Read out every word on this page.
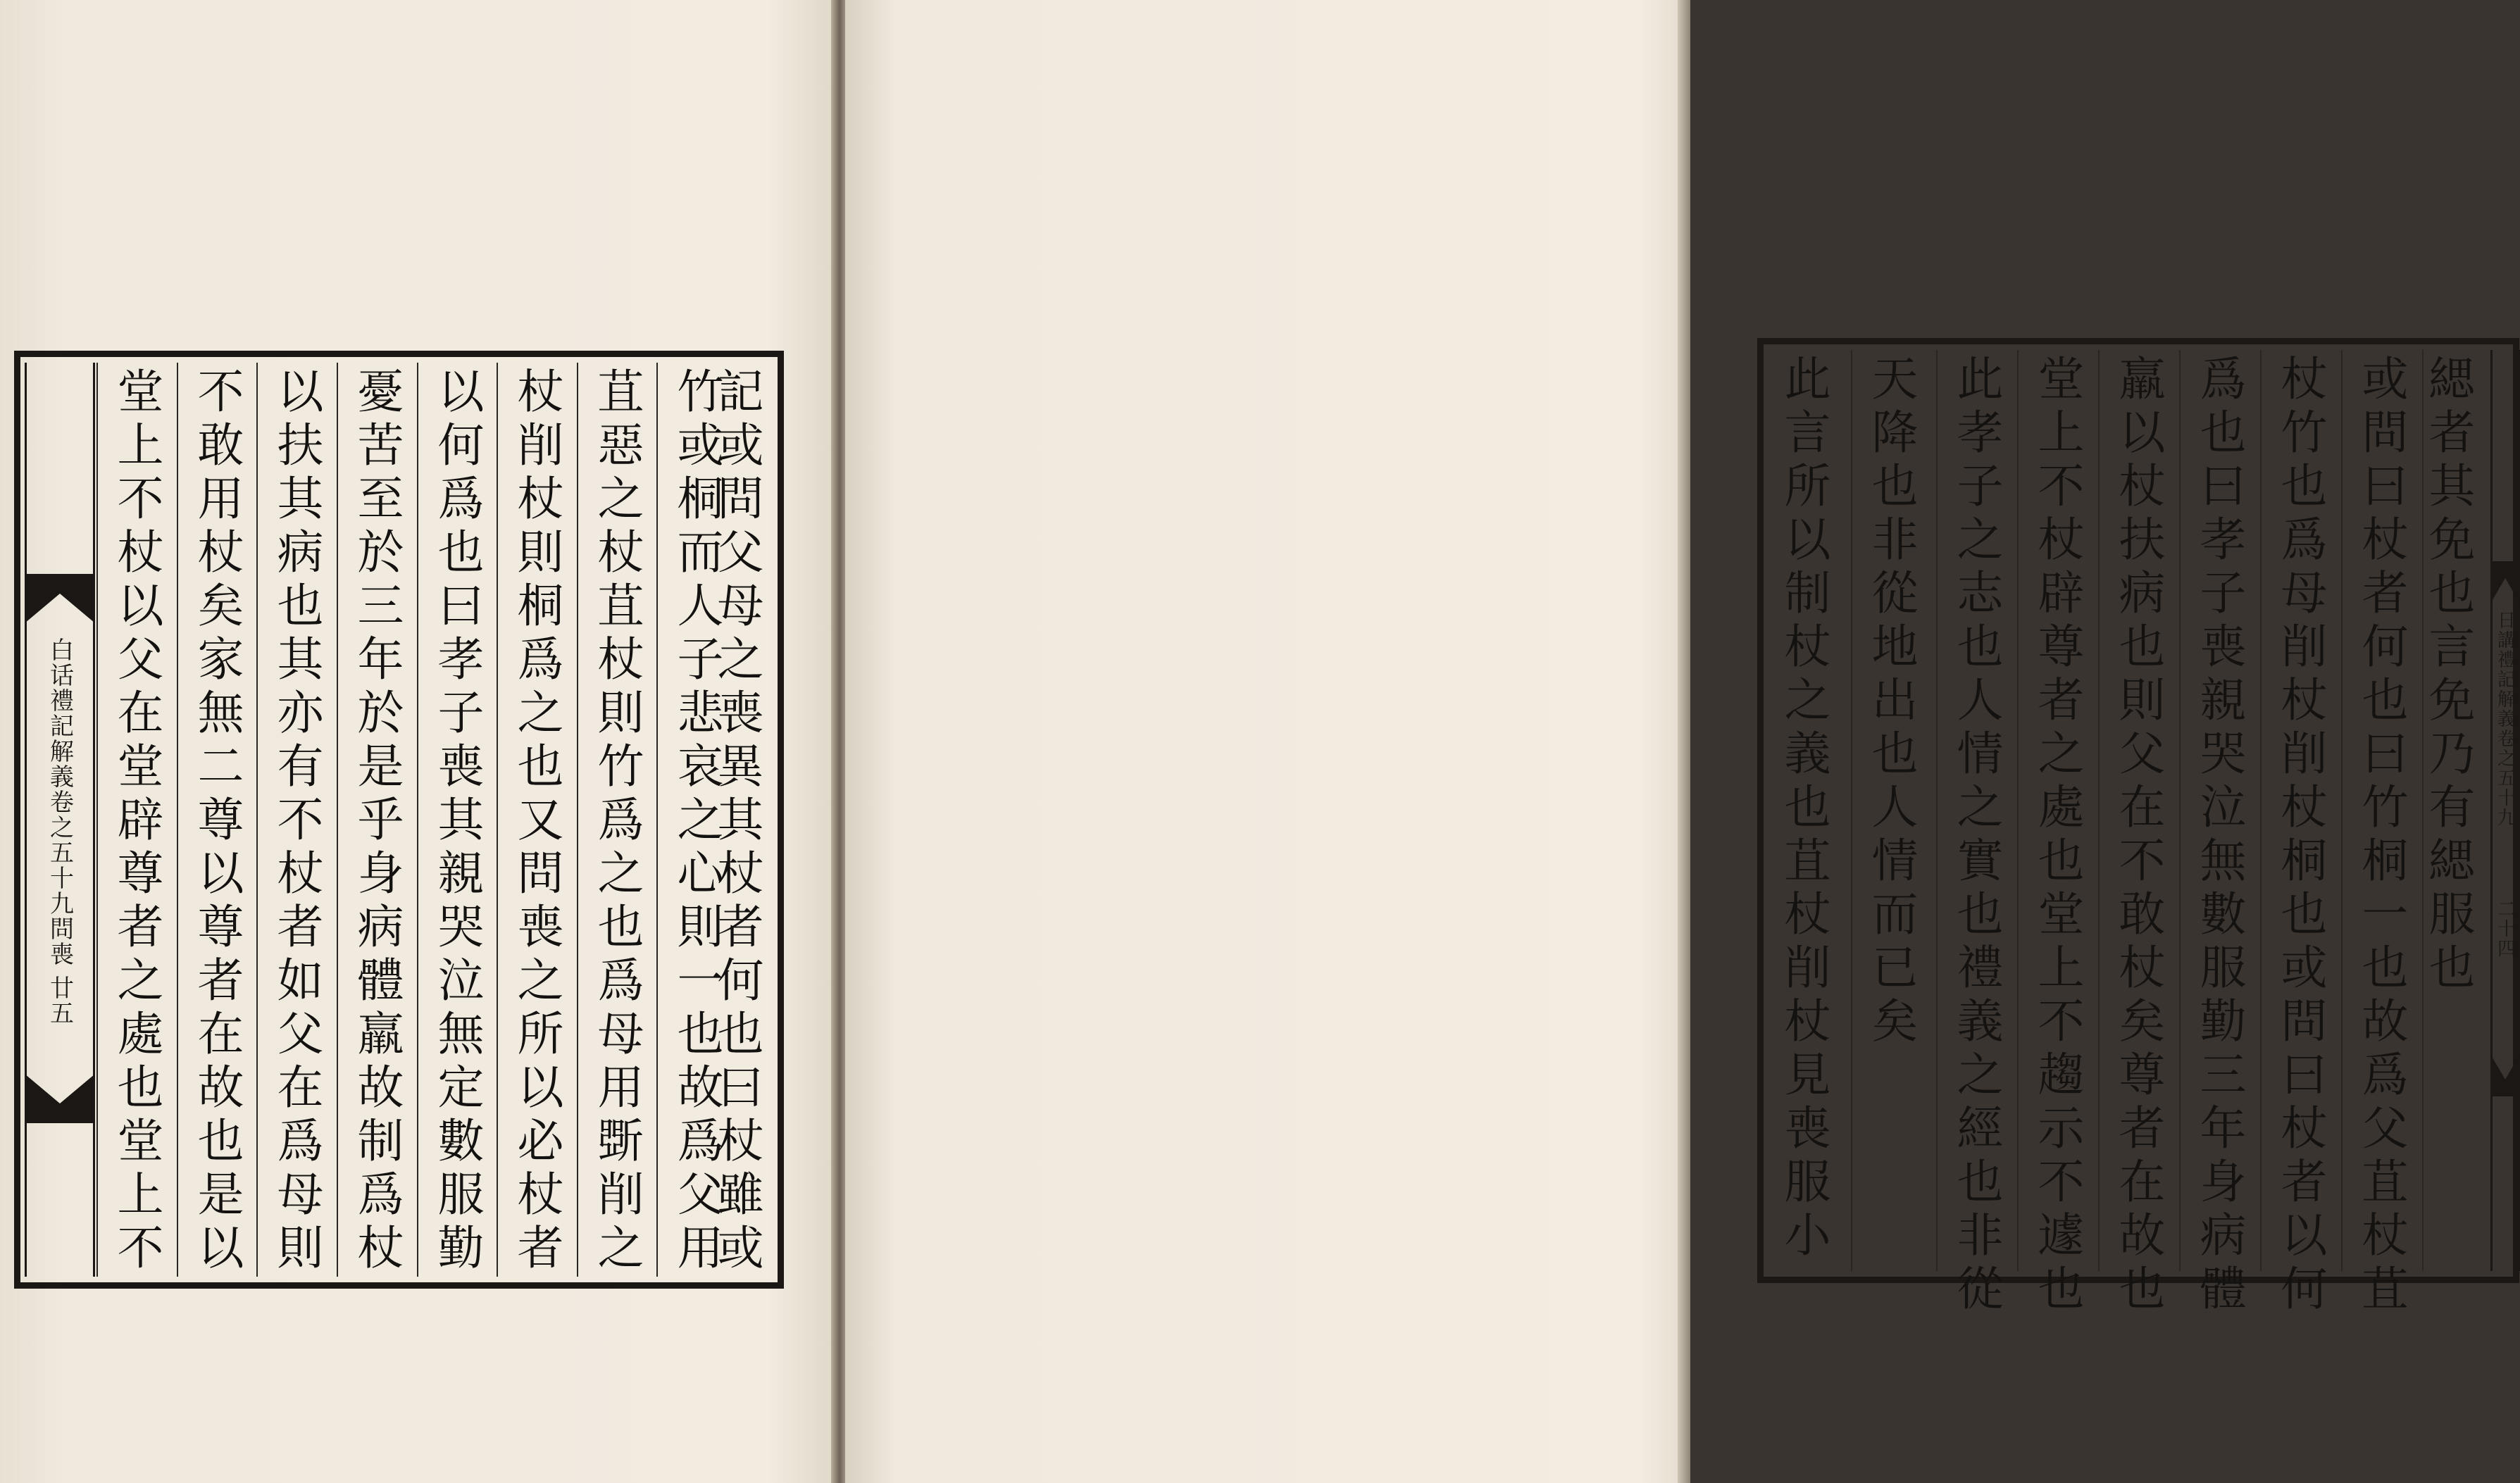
白话禮記解義卷之五十九問喪
廿五 堂上不杖以父在堂辟尊者之處也堂上不 不敢用杖矣家無二尊以尊者在故也是以 以扶其病也其亦有不杖者如父在爲母則 憂苦至於三年於是乎身病體羸故制爲杖 以何爲也曰孝子喪其親哭泣無定數服勤 杖削杖則桐爲之也又問喪之所以必杖者 苴惡之杖苴杖則竹爲之也爲母用斲削之 竹或桐而人子悲哀之心則一也故爲父用
記或問父母之喪異其杖者何也曰杖雖或	此言所以制杖之義也苴杖削杖見喪服小 天降也非從地出也人情而已矣 此孝子之志也人情之實也禮義之經也非從 堂上不杖辟尊者之處也堂上不趨示不遽也 羸以杖扶病也則父在不敢杖矣尊者在故也 爲也曰孝子喪親哭泣無數服勤三年身病體 杖竹也爲母削杖削杖桐也或問曰杖者以何 或問曰杖者何也曰竹桐一也故爲父苴杖苴 緦者其免也言免乃有緦服也	日講禮記解義卷之五十九
二十四
